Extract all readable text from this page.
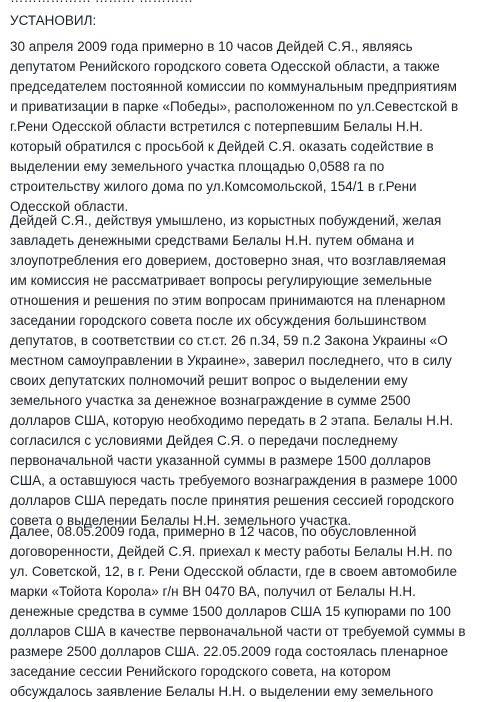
УСТАНОВИЛ:

30 апреля 2009 года примерно в 10 часов Дейдей С.Я., являясь
депутатом Ренийского городского совета Одесской области, а также
председателем постоянной комиссии по коммунальным предприятиям
и приватизации в парке «Победы», расположенном по ул.Севестской в
г.Рени Одесской области встретился с потерпевшим Белалы Н.Н.
который обратился с просьбой к Дейдей С.Я. оказать содействие в
выделении ему земельного участка площадью 0,0588 га по
строительству жилого дома по ул.Комсомольской, 154/1 в г.Рени
Одесской области.

Дейдей С.Я., действуя умышлено, из корыстных побуждений, желая
завладеть денежными средствами Белалы Н.Н. путем обмана и
злоупотребления его доверием, достоверно зная, что возглавляемая
им комиссия не рассматривает вопросы регулирующие земельные
отношения и решения по этим вопросам принимаются на пленарном
заседании городского совета после их обсуждения большинством
депутатов, в соответствии со ст.ст. 26 п.34, 59 п.2 Закона Украины «О
местном самоуправлении в Украине», заверил последнего, что в силу
своих депутатских полномочий решит вопрос о выделении ему
земельного участка за денежное вознаграждение в сумме 2500
долларов США, которую необходимо передать в 2 этапа. Белалы Н.Н.
согласился с условиями Дейдея С.Я. о передачи последнему
первоначальной части указанной суммы в размере 1500 долларов
США, а оставшуюся часть требуемого вознаграждения в размере 1000
долларов США передать после принятия решения сессией городского
совета о выделении Белалы Н.Н. земельного участка.

Далее, 08.05.2009 года, примерно в 12 часов, по обусловленной
договоренности, Дейдей С.Я. приехал к месту работы Белалы Н.Н. по
ул. Советской, 12, в г. Рени Одесской области, где в своем автомобиле
марки «Тойота Королa» г/н ВН 0470 ВА, получил от Белалы Н.Н.
денежные средства в сумме 1500 долларов США 15 купюрами по 100
долларов США в качестве первоначальной части от требуемой суммы в
размере 2500 долларов США. 22.05.2009 года состоялась пленарное
заседание сессии Ренийского городского совета, на котором
обсуждалось заявление Белалы Н.Н. о выделении ему земельного
